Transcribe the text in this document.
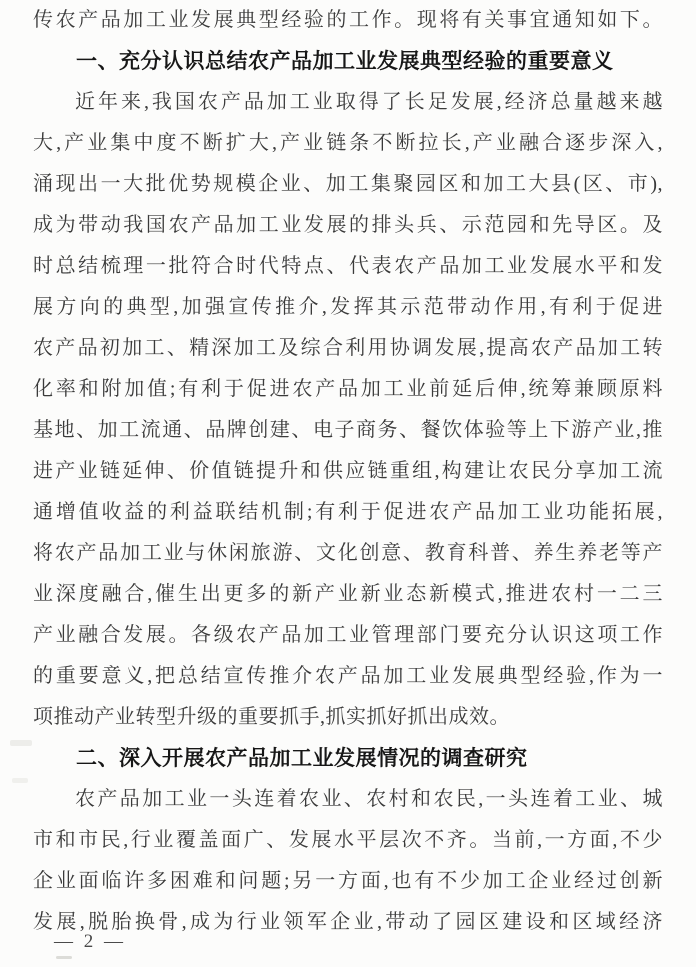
传农产品加工业发展典型经验的工作。现将有关事宜通知如下。
一、充分认识总结农产品加工业发展典型经验的重要意义
近年来,我国农产品加工业取得了长足发展,经济总量越来越
大,产业集中度不断扩大,产业链条不断拉长,产业融合逐步深入,
涌现出一大批优势规模企业、加工集聚园区和加工大县(区、市),
成为带动我国农产品加工业发展的排头兵、示范园和先导区。及
时总结梳理一批符合时代特点、代表农产品加工业发展水平和发
展方向的典型,加强宣传推介,发挥其示范带动作用,有利于促进
农产品初加工、精深加工及综合利用协调发展,提高农产品加工转
化率和附加值;有利于促进农产品加工业前延后伸,统筹兼顾原料
基地、加工流通、品牌创建、电子商务、餐饮体验等上下游产业,推
进产业链延伸、价值链提升和供应链重组,构建让农民分享加工流
通增值收益的利益联结机制;有利于促进农产品加工业功能拓展,
将农产品加工业与休闲旅游、文化创意、教育科普、养生养老等产
业深度融合,催生出更多的新产业新业态新模式,推进农村一二三
产业融合发展。各级农产品加工业管理部门要充分认识这项工作
的重要意义,把总结宣传推介农产品加工业发展典型经验,作为一
项推动产业转型升级的重要抓手,抓实抓好抓出成效。
二、深入开展农产品加工业发展情况的调查研究
农产品加工业一头连着农业、农村和农民,一头连着工业、城
市和市民,行业覆盖面广、发展水平层次不齐。当前,一方面,不少
企业面临许多困难和问题;另一方面,也有不少加工企业经过创新
发展,脱胎换骨,成为行业领军企业,带动了园区建设和区域经济
— 2 —
